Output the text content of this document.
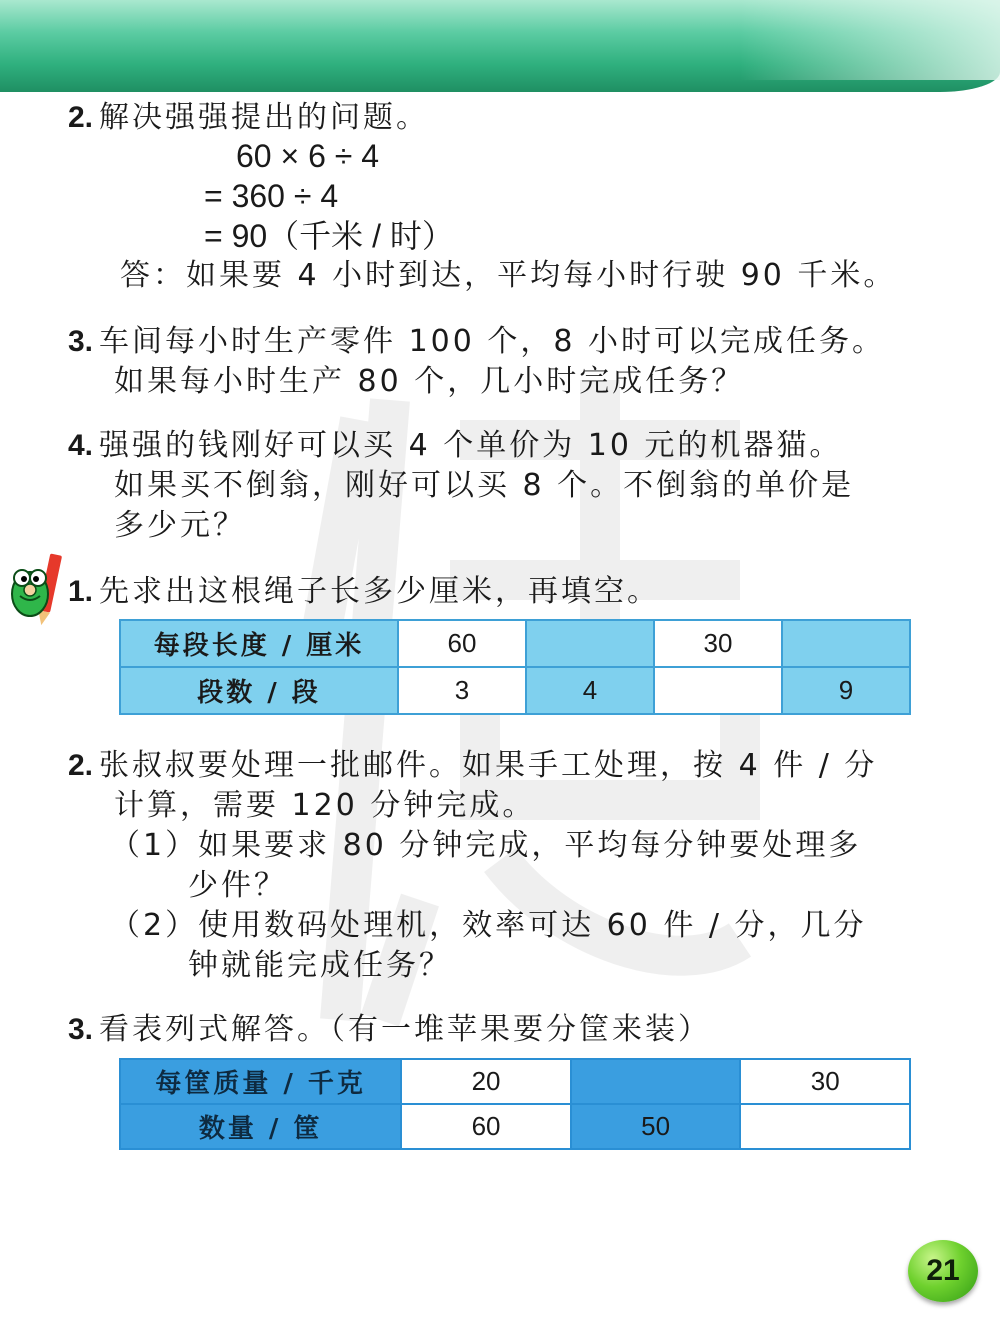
2. 解决强强提出的问题。
60 × 6 ÷ 4
= 360 ÷ 4
= 90（千米 / 时）
答：如果要 4 小时到达，平均每小时行驶 90 千米。
3. 车间每小时生产零件 100 个，8 小时可以完成任务。
如果每小时生产 80 个，几小时完成任务？
4. 强强的钱刚好可以买 4 个单价为 10 元的机器猫。
如果买不倒翁，刚好可以买 8 个。不倒翁的单价是
多少元？
1. 先求出这根绳子长多少厘米，再填空。
每段长度 / 厘米	60		30	
段数 / 段	3	4		9
2. 张叔叔要处理一批邮件。如果手工处理，按 4 件 / 分
计算，需要 120 分钟完成。
（1）如果要求 80 分钟完成，平均每分钟要处理多
少件？
（2）使用数码处理机，效率可达 60 件 / 分，几分
钟就能完成任务？
3. 看表列式解答。（有一堆苹果要分筐来装）
每筐质量 / 千克	20		30
数量 / 筐	60	50	
21
